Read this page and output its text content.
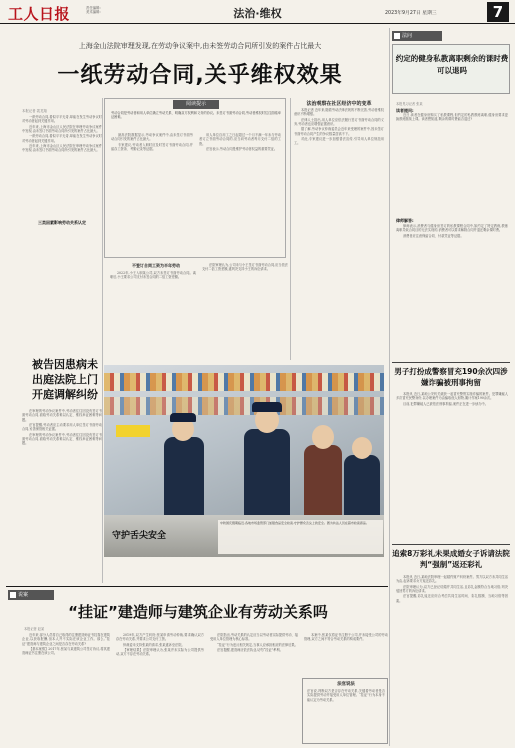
工人日报	责任编辑:
美术编辑:	法治·维权	2023年9月27日 星期三	7
上海金山法院审理发现,在劳动争议案中,由未签劳动合同所引发的案件占比最大
一纸劳动合同,关乎维权效果
本报记者 裴龙翔

一纸劳动合同,看似平平无奇,却能在发生劳动争议时对劳动者起到关键作用。

近年来,上海市金山区人民法院在审理劳动争议案件中发现,由未签订书面劳动合同所引发的案件占比最大。

一纸劳动合同,看似平平无奇,却能在发生劳动争议时对劳动者起到关键作用。

近年来,上海市金山区人民法院在审理劳动争议案件中发现,由未签订书面劳动合同所引发的案件占比最大。

三类因素影响劳动关系认定
被告因患病未出庭法院上门开庭调解纠纷

在审理的劳动争议案件中,劳动者往往因没有签订书面劳动合同,面临劳动关系难以认定、维权举证困难等问题。

法官提醒,劳动者应主动要求用人单位签订书面劳动合同,妥善保管相关证据。

在审理的劳动争议案件中,劳动者往往因没有签订书面劳动合同,面临劳动关系难以认定、维权举证困难等问题。

阅读提示
劳动合同是劳动者和用人单位确立劳动关系、明确双方权利和义务的协议。未签订书面劳动合同,劳动者维权时往往面临举证困难。

最高法院数据显示,劳动争议案件中,由未签订书面劳动合同引发的案件占比最大。

专家建议,劳动者入职时应及时签订书面劳动合同,并留存工资条、考勤记录等证据。

用人单位自用工之日起超过一个月不满一年未与劳动者订立书面劳动合同的,应当向劳动者每月支付二倍的工资。

法官表示,劳动合同是维护劳动者权益的重要凭证。

不签订合同工资为半年劳动

2022年,小王入职某公司,双方未签订书面劳动合同。离职后,小王要求公司支付未签合同的二倍工资差额。

法院审理认为,公司未与小王签订书面劳动合同,应当依法支付二倍工资差额,遂判决支持小王的诉讼请求。

法治观察在社区经济中的变革

本报记者 近年来,随着劳动法律法规的不断完善,劳动者维权意识不断增强。

法律人士指出,用人单位应依法履行签订书面劳动合同的义务,劳动者也应增强证据意识。

据了解,劳动争议仲裁委员会近年来受理的案件中,因未签订书面劳动合同产生的争议数量居高不下。

对此,专家建议进一步加强普法宣传,引导用人单位规范用工。

守护舌尖安全
中秋国庆假期临近,各地市场监管部门加强食品安全检查,守护群众舌尖上的安全。图为执法人员在超市检查商品。
法问
约定的健身私教离职剩余的课时费可以退吗
本报见习记者 张某
读者提问:

近日,读者在健身房购买了私教课程,但约定的私教教练离职,健身房要求更换教练继续上课。读者想知道,剩余的课时费能否退还?

律师解答:

律师表示,消费者与健身房签订的私教课程合同中,如约定了特定教练,教练离职导致合同目的无法实现的,消费者可以要求解除合同并退还剩余课时费。

消费者应注意保留合同、付款凭证等证据。

男子打扮成警察冒充190余次四涉嫌诈骗被刑事拘留

本报讯 近日,某地公安机关破获一起冒充警察实施诈骗的案件。犯罪嫌疑人多次冒充民警身份,以办理案件为由骗取他人财物,累计作案190余次。

目前,犯罪嫌疑人已被依法刑事拘留,案件正在进一步侦办中。

追索8万彩礼未果成婚女子诉请法院判“强制”返还彩礼

本报讯 近日,某地法院审理一起婚约财产纠纷案件。男方以双方未共同生活为由,起诉要求女方返还彩礼。

法院审理认为,双方已登记结婚并共同生活,且彩礼金额符合当地习俗,判决驳回男方的诉讼请求。

法官提醒,彩礼返还应综合考虑共同生活时间、彩礼数额、当地习俗等因素。

说案
“挂证”建造师与建筑企业有劳动关系吗
本报记者 赵某

近年来,部分人员将自己取得的注册建造师证书挂靠在建筑企业,以获取报酬,但本人并不实际在该企业工作。那么,“挂证”建造师与建筑企业之间是否存在劳动关系?

【基本案情】2017年,张某与某建筑公司签订协议,将其建造师证书注册在该公司。

2019年,双方产生纠纷,张某申请劳动仲裁,要求确认双方存在劳动关系,并要求公司支付工资。

仲裁委未支持张某的请求,张某遂诉至法院。

【审理结果】法院审理认为,张某并未实际为公司提供劳动,双方不存在劳动关系。

法院指出,劳动关系的认定应当以劳动者实际提供劳动、接受用人单位管理为核心标准。

“挂证”行为违反相关规定,当事人应承担相应的法律后果。

法官提醒,建造师应依法执业,切勿“挂证”牟利。

本案中,张某仅将证书注册于公司,并未接受公司的劳动管理,双方之间不符合劳动关系的构成要件。

法官说法
法官说,判断双方是否存在劳动关系,关键看劳动者是否实际提供劳动并接受用人单位管理。“挂证”行为本身不能认定为劳动关系。
